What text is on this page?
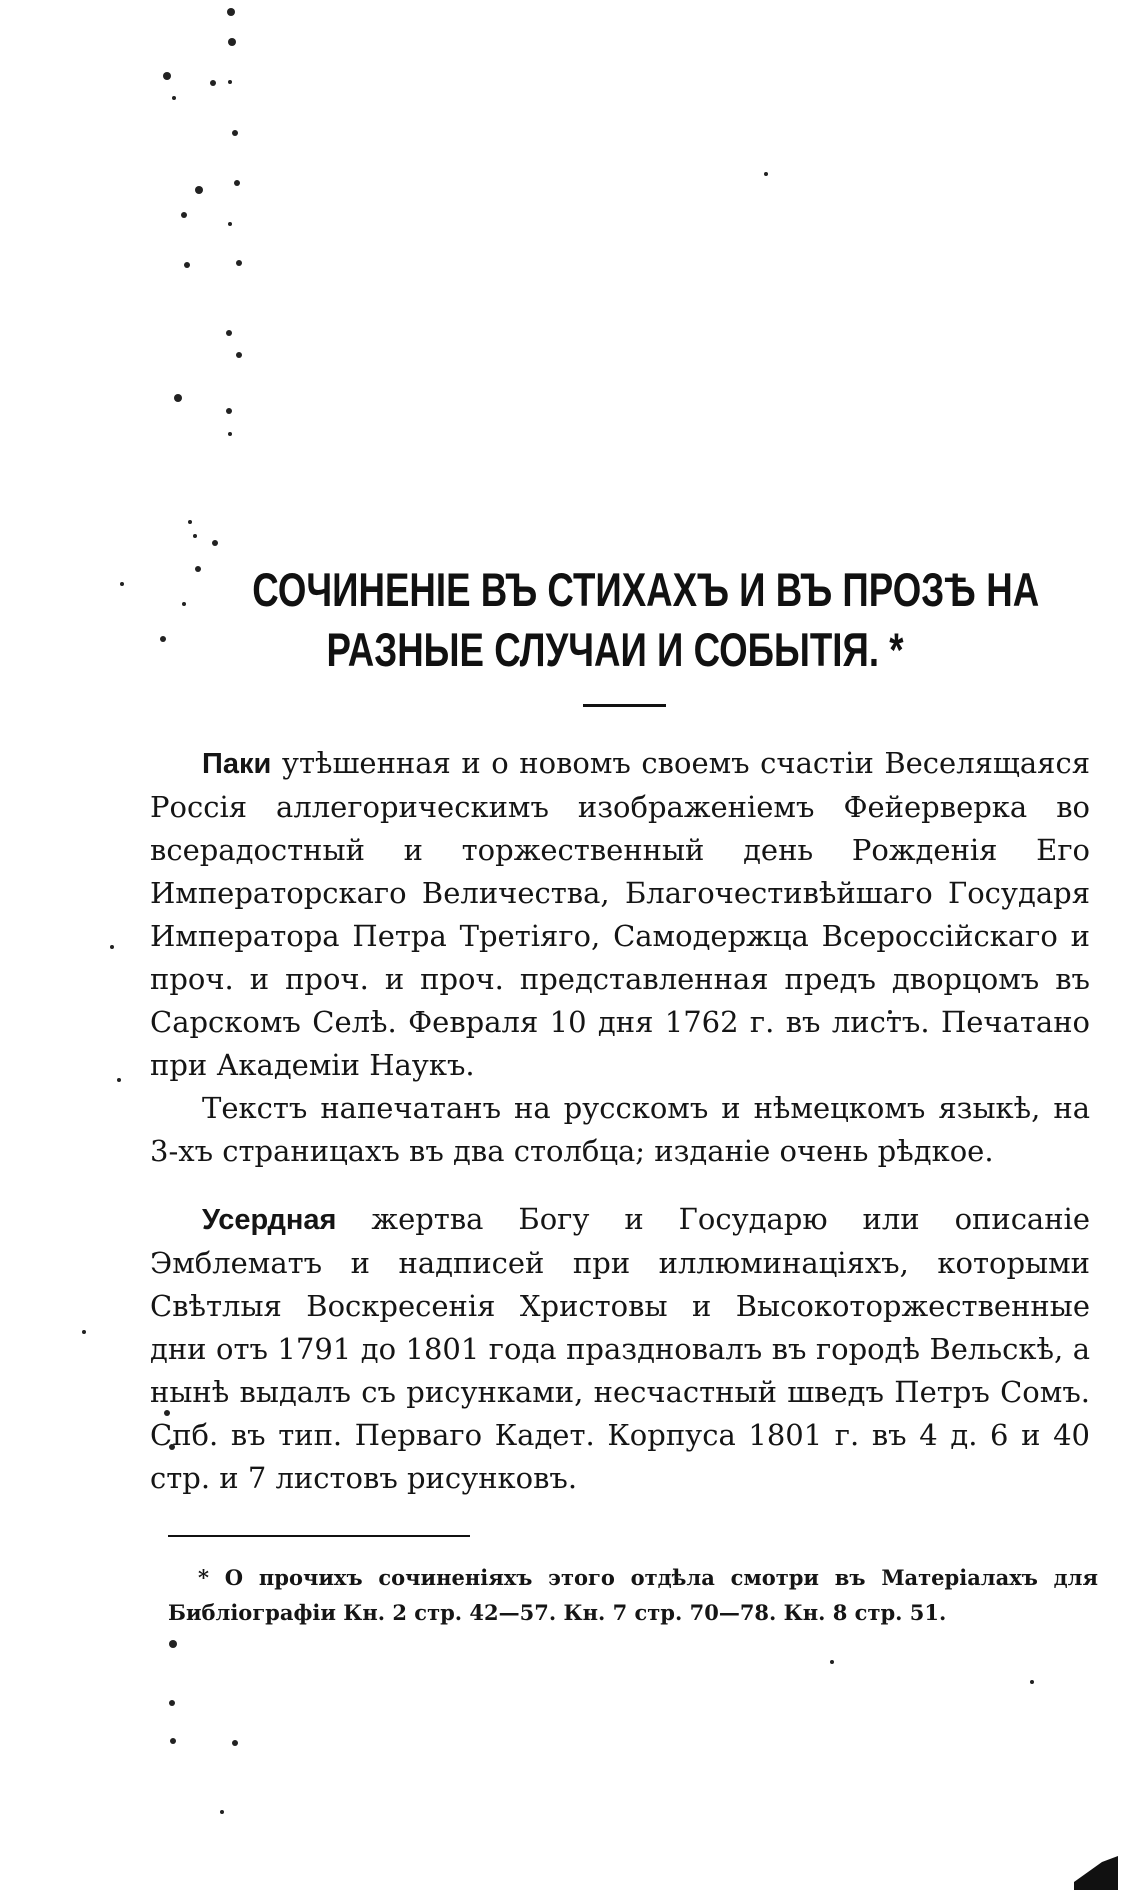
СОЧИНЕНІЕ ВЪ СТИХАХЪ И ВЪ ПРОЗѢ НА
РАЗНЫЕ СЛУЧАИ И СОБЫТІЯ. *

Паки утѣшенная и о новомъ своемъ счастіи Веселящаяся Россія аллегорическимъ изображеніемъ Фейерверка во всерадостный и торжественный день Рожденія Его Императорскаго Величества, Благочестивѣйшаго Государя Императора Петра Третіяго, Самодержца Всероссійскаго и проч. и проч. и проч. представленная предъ дворцомъ въ Сарскомъ Селѣ. Февраля 10 дня 1762 г. въ листъ. Печатано при Академіи Наукъ.

Текстъ напечатанъ на русскомъ и нѣмецкомъ языкѣ, на 3-хъ страницахъ въ два столбца; изданіе очень рѣдкое.

Усердная жертва Богу и Государю или описаніе Эмблематъ и надписей при иллюминаціяхъ, которыми Свѣтлыя Воскресенія Христовы и Высокоторжественные дни отъ 1791 до 1801 года праздновалъ въ городѣ Вельскѣ, а нынѣ выдалъ съ рисунками, несчастный шведъ Петръ Сомъ. Спб. въ тип. Перваго Кадет. Корпуса 1801 г. въ 4 д. 6 и 40 стр. и 7 листовъ рисунковъ.

* О прочихъ сочиненіяхъ этого отдѣла смотри въ Матеріалахъ для Библіографіи Кн. 2 стр. 42—57. Кн. 7 стр. 70—78. Кн. 8 стр. 51.
